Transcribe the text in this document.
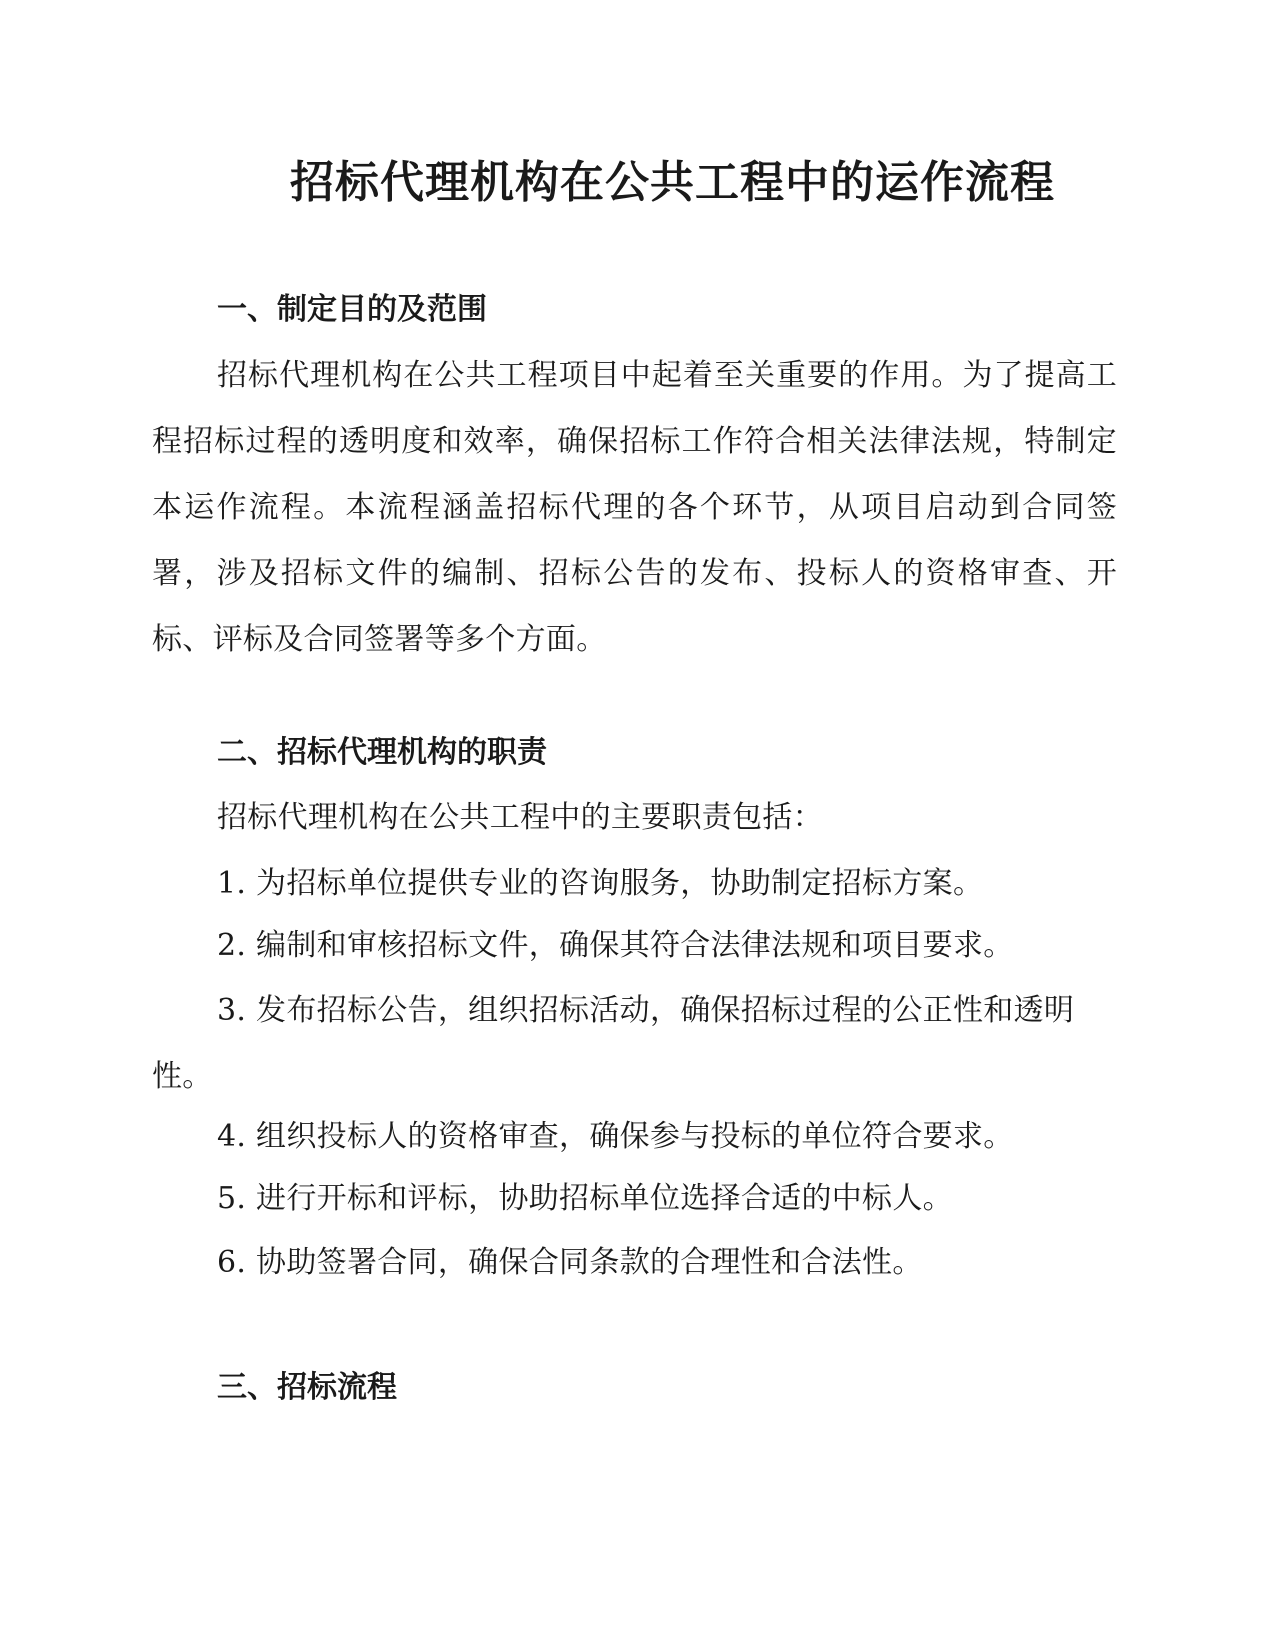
招标代理机构在公共工程中的运作流程
一、制定目的及范围

招标代理机构在公共工程项目中起着至关重要的作用。为了提高工程招标过程的透明度和效率，确保招标工作符合相关法律法规，特制定本运作流程。本流程涵盖招标代理的各个环节，从项目启动到合同签署，涉及招标文件的编制、招标公告的发布、投标人的资格审查、开标、评标及合同签署等多个方面。

二、招标代理机构的职责

招标代理机构在公共工程中的主要职责包括：

1. 为招标单位提供专业的咨询服务，协助制定招标方案。

2. 编制和审核招标文件，确保其符合法律法规和项目要求。

3. 发布招标公告，组织招标活动，确保招标过程的公正性和透明性。

4. 组织投标人的资格审查，确保参与投标的单位符合要求。

5. 进行开标和评标，协助招标单位选择合适的中标人。

6. 协助签署合同，确保合同条款的合理性和合法性。

三、招标流程
